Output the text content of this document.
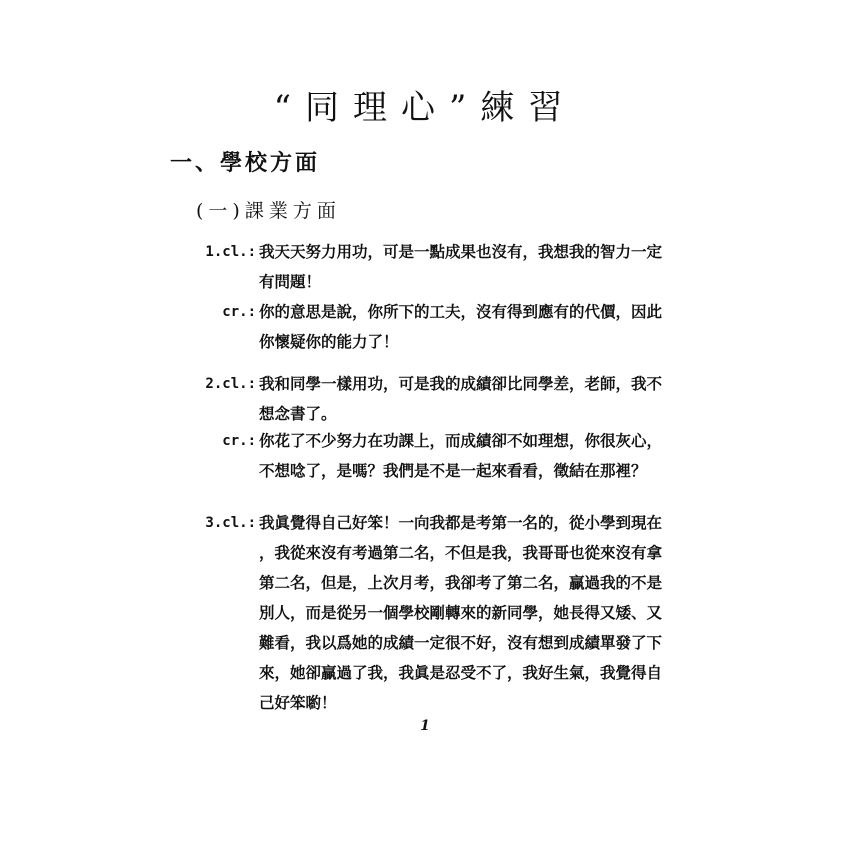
“同理心”練習
一、學校方面
(一)課業方面
1.cl.: 我天天努力用功，可是一點成果也沒有，我想我的智力一定
有問題！
cr.: 你的意思是說，你所下的工夫，沒有得到應有的代價，因此
你懷疑你的能力了！
2.cl.: 我和同學一樣用功，可是我的成績卻比同學差，老師，我不
想念書了。
cr.: 你花了不少努力在功課上，而成績卻不如理想，你很灰心，
不想唸了，是嗎？我們是不是一起來看看，徵結在那裡？
3.cl.: 我眞覺得自己好笨！一向我都是考第一名的，從小學到現在
，我從來沒有考過第二名，不但是我，我哥哥也從來沒有拿
第二名，但是，上次月考，我卻考了第二名，贏過我的不是
別人，而是從另一個學校剛轉來的新同學，她長得又矮、又
難看，我以爲她的成績一定很不好，沒有想到成績單發了下
來，她卻贏過了我，我眞是忍受不了，我好生氣，我覺得自
己好笨喲！
1
